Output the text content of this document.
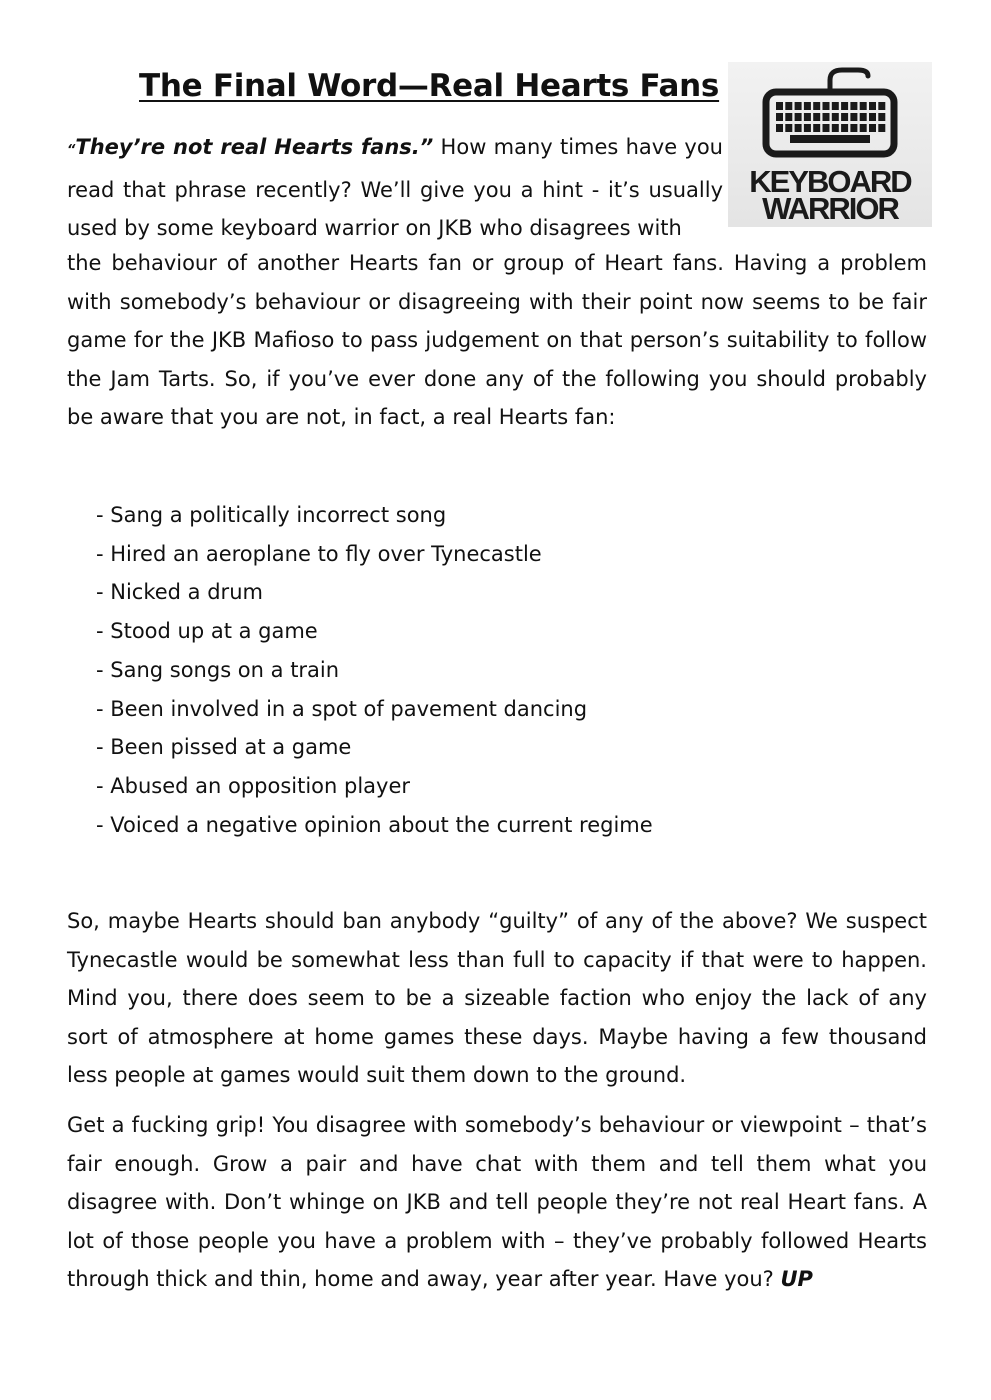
The Final Word—Real Hearts Fans
KEYBOARD
WARRIOR

“They’re not real Hearts fans.” How many times have you read that phrase recently? We’ll give you a hint - it’s usually used by some keyboard warrior on JKB who disagrees with

the behaviour of another Hearts fan or group of Heart fans. Having a problem with somebody’s behaviour or disagreeing with their point now seems to be fair game for the JKB Mafioso to pass judgement on that person’s suitability to follow the Jam Tarts. So, if you’ve ever done any of the following you should probably be aware that you are not, in fact, a real Hearts fan:

- Sang a politically incorrect song
- Hired an aeroplane to fly over Tynecastle
- Nicked a drum
- Stood up at a game
- Sang songs on a train
- Been involved in a spot of pavement dancing
- Been pissed at a game
- Abused an opposition player
- Voiced a negative opinion about the current regime

So, maybe Hearts should ban anybody “guilty” of any of the above? We suspect Tynecastle would be somewhat less than full to capacity if that were to happen. Mind you, there does seem to be a sizeable faction who enjoy the lack of any sort of atmosphere at home games these days. Maybe having a few thousand less people at games would suit them down to the ground.

Get a fucking grip! You disagree with somebody’s behaviour or viewpoint – that’s fair enough. Grow a pair and have chat with them and tell them what you disagree with. Don’t whinge on JKB and tell people they’re not real Heart fans. A lot of those people you have a problem with – they’ve probably followed Hearts through thick and thin, home and away, year after year. Have you? UP
